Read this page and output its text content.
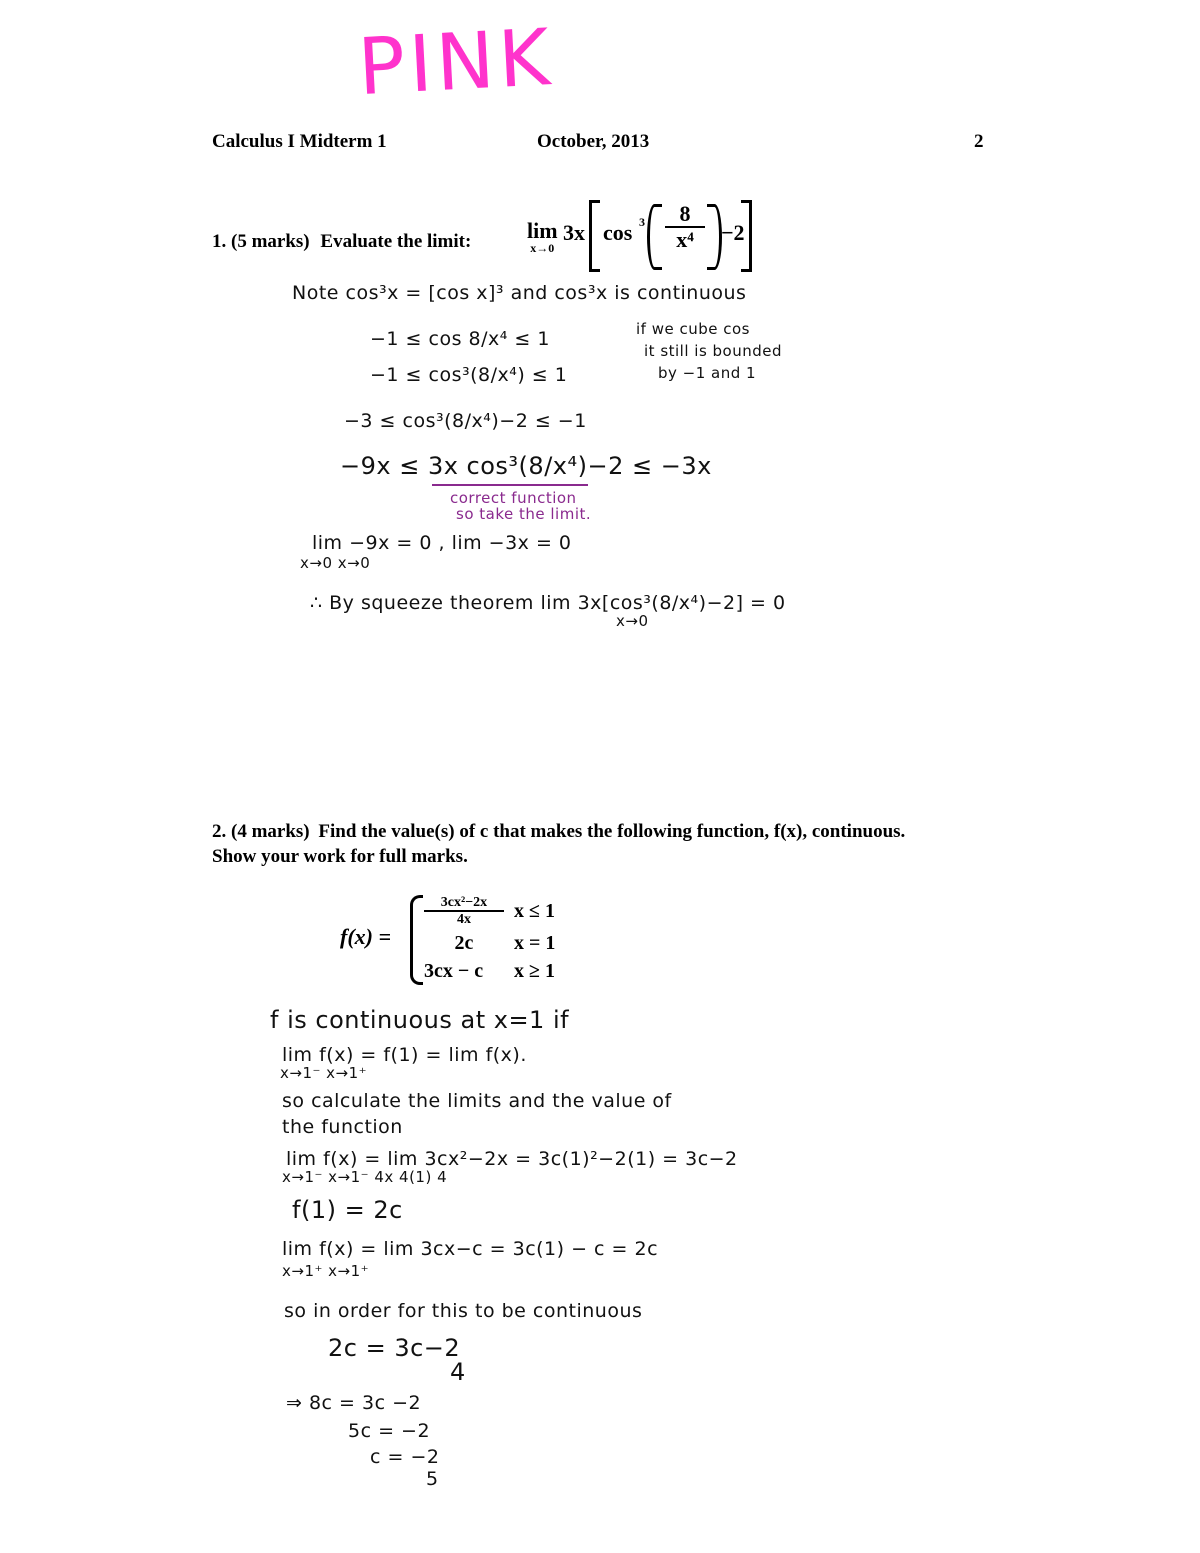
PINK
Calculus I Midterm 1	October, 2013	2
1. (5 marks) Evaluate the limit:	lim
x→0
3x $\cos 3 \frac{8}{\text{x⁴}} -2$
Note cos³x = [cos x]³ and cos³x is continuous
−1 ≤ cos 8/x⁴ ≤ 1
−1 ≤ cos³(8/x⁴) ≤ 1
−3 ≤ cos³(8/x⁴)−2 ≤ −1
−9x ≤ 3x cos³(8/x⁴)−2 ≤ −3x
correct function
so take the limit.
if we cube cos
it still is bounded
by −1 and 1
lim −9x = 0 , lim −3x = 0
x→0 x→0
∴ By squeeze theorem lim 3x[cos³(8/x⁴)−2] = 0
x→0
2. (4 marks) Find the value(s) of c that makes the following function, f(x), continuous.
Show your work for full marks.
f(x) =
$\frac{\text{3cx²−2x}}{4x}$ x ≤ 1
2c	x = 1
3cx − c	x ≥ 1
f is continuous at x=1 if
lim f(x) = f(1) = lim f(x).
x→1⁻ x→1⁺
so calculate the limits and the value of
the function
lim f(x) = lim 3cx²−2x = 3c(1)²−2(1) = 3c−2
x→1⁻ x→1⁻ 4x 4(1) 4
f(1) = 2c
lim f(x) = lim 3cx−c = 3c(1) − c = 2c
x→1⁺ x→1⁺
so in order for this to be continuous
2c = 3c−2
4
⇒ 8c = 3c −2
5c = −2
c = −2
5
